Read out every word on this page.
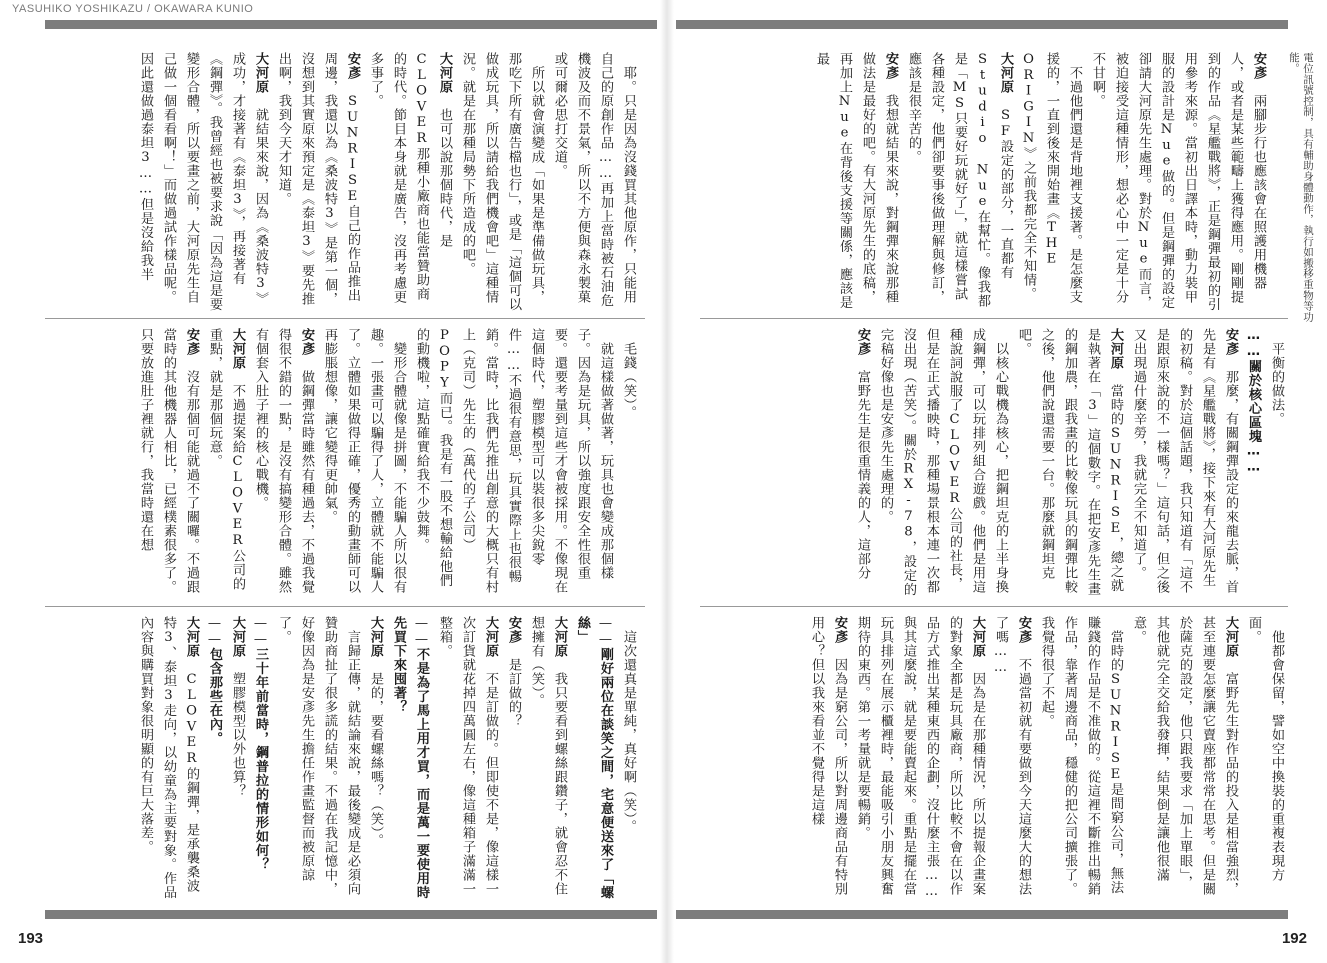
YASUHIKO YOSHIKAZU / OKAWARA KUNIO
電位訊號控制，具有輔助身體動作，執行如搬移重物等功能。

安彥　兩腳步行也應該會在照護用機器人，或者是某些範疇上獲得應用。剛剛提到的作品《星艦戰將》，正是鋼彈最初的引用參考來源。當初出日譯本時，動力裝甲服的設計是Nue做的。但是鋼彈的設定卻請大河原先生處理。對於Nue而言，被迫接受這種情形，想必心中一定是十分不甘啊。

　不過他們還是背地裡支援著。是怎麼支援的，一直到後來開始畫《THE ORIGIN》之前我都完全不知情。

大河原　SF設定的部分，一直都有Studio Nue在幫忙。像我都是「MS只要好玩就好了」，就這樣嘗試各種設定，他們卻要事後做理解與修訂，應該是很辛苦的。

安彥　我想就結果來說，對鋼彈來說那種做法是最好的吧。有大河原先生的底稿，再加上Nue在背後支援等關係，應該是最

　平衡的做法。

……關於核心區塊……

安彥　那麼，有關鋼彈設定的來龍去脈，首先是有《星艦戰將》，接下來有大河原先生的初稿。對於這個話題，我只知道有「這不是跟原來說的不一樣嗎？」這句話，但之後又出現過什麼辛勞，我就完全不知道了。

大河原　當時的SUNRISE，總之就是執著在「3」這個數字。在把安彥先生畫的鋼加農，跟我畫的比較像玩具的鋼彈比較之後，他們說還需要一台。那麼就鋼坦克吧。

　以核心戰機為核心，把鋼坦克的上半身換成鋼彈，可以玩排列組合遊戲。他們是用這種說詞說服了CLOVER公司的社長，但是在正式播映時，那種場景根本連一次都沒出現（苦笑）。關於RX-78，設定的完稿好像也是安彥先生處理的。

安彥　富野先生是很重情義的人，這部分

　他都會保留，譬如空中換裝的重複表現方面。

大河原　富野先生對作品的投入是相當強烈，甚至連要怎麼讓它賣座都常常在思考。但是關於薩克的設定，他只跟我要求「加上單眼」，其他就完全交給我發揮，結果倒是讓他很滿意。

　當時的SUNRISE是間窮公司，無法賺錢的作品是不准做的。從這裡不斷推出暢銷作品，靠著周邊商品，穩健的把公司擴張了。我覺得很了不起。

安彥　不過當初就有要做到今天這麼大的想法了嗎……

大河原　因為是在那種情況，所以提報企畫案的對象全都是玩具廠商，所以比較不會在以作品方式推出某種東西的企劃，沒什麼主張……與其這麼說，就是要能賣起來。重點是擺在當玩具排列在展示櫃裡時，最能吸引小朋友興奮期待的東西。第一考量就是要暢銷。

安彥　因為是窮公司，所以對周邊商品有特別用心？但以我來看並不覺得是這樣

　耶。只是因為沒錢買其他原作，只能用自己的原創作品……再加上當時被石油危機波及而不景氣，所以不方便與森永製菓或可爾必思打交道。

　所以就會演變成「如果是準備做玩具，那吃下所有廣告檔也行」，或是「這個可以做成玩具，所以請給我們機會吧」這種情況。就是在那種局勢下所造成的吧。

大河原　也可以說那個時代，是CLOVER那種小廠商也能當贊助商的時代。節目本身就是廣告，沒再考慮更多事了。

安彥　SUNRISE自己的作品推出周邊，我還以為《桑波特3》是第一個，沒想到其實原來預定是《泰坦3》要先推出啊，我到今天才知道。

大河原　就結果來說，因為《桑波特3》成功，才接著有《泰坦3》，再接著有《鋼彈》。我曾經也被要求說「因為這是要變形合體，所以要畫之前，大河原先生自己做一個看看啊！」而做過試作樣品呢。因此還做過泰坦3……但是沒給我半

　毛錢（笑）。

　就這樣做著做著，玩具也會變成那個樣子。因為是玩具，所以強度跟安全性很重要。還要考量到這些才會被採用。不像現在這個時代，塑膠模型可以裝很多尖銳零件……不過很有意思，玩具實際上也很暢銷。當時，比我們先推出創意的大概只有村上（克司）先生的（萬代的子公司）POPY而已。我是有一股不想輸給他們的動機啦，這點確實給我不少鼓舞。

　變形合體就像是拼圖，不能騙人所以很有趣。一張畫可以騙得了人，立體就不能騙人了。立體如果做得正確，優秀的動畫師可以再膨脹想像，讓它變得更帥氣。

安彥　做鋼彈當時雖然有種過去，不過我覺得很不錯的一點，是沒有搞變形合體。雖然有個套入肚子裡的核心戰機。

大河原　不過提案給CLOVER公司的重點，就是那個玩意。

安彥　沒有那個可能就過不了關囉。不過跟當時的其他機器人相比，已經樸素很多了。只要放進肚子裡就行，我當時還在想

　這次還真是單純，真好啊（笑）。

——剛好兩位在談笑之間，宅意便送來了「螺絲」

大河原　我只要看到螺絲跟鑽子，就會忍不住想擁有（笑）。

安彥　是訂做的？

大河原　不是訂做的。但即使不是，像這樣一次訂貨就花掉四萬圓左右，像這種箱子滿滿一整箱。

——不是為了馬上用才買，而是萬一要使用時先買下來囤著？

大河原　是的，要看螺絲嗎？（笑）。

　言歸正傳，就結論來說，最後變成是必須向贊助商扯了很多謊的結果。不過在我記憶中，好像因為是安彥先生擔任作畫監督而被原諒了。

——三十年前當時，鋼普拉的情形如何？

大河原　塑膠模型以外也算？

——包含那些在內。

大河原　CLOVER的鋼彈，是承襲桑波特3、泰坦3走向，以幼童為主要對象。作品內容與購買對象很明顯的有巨大落差。

193	192
